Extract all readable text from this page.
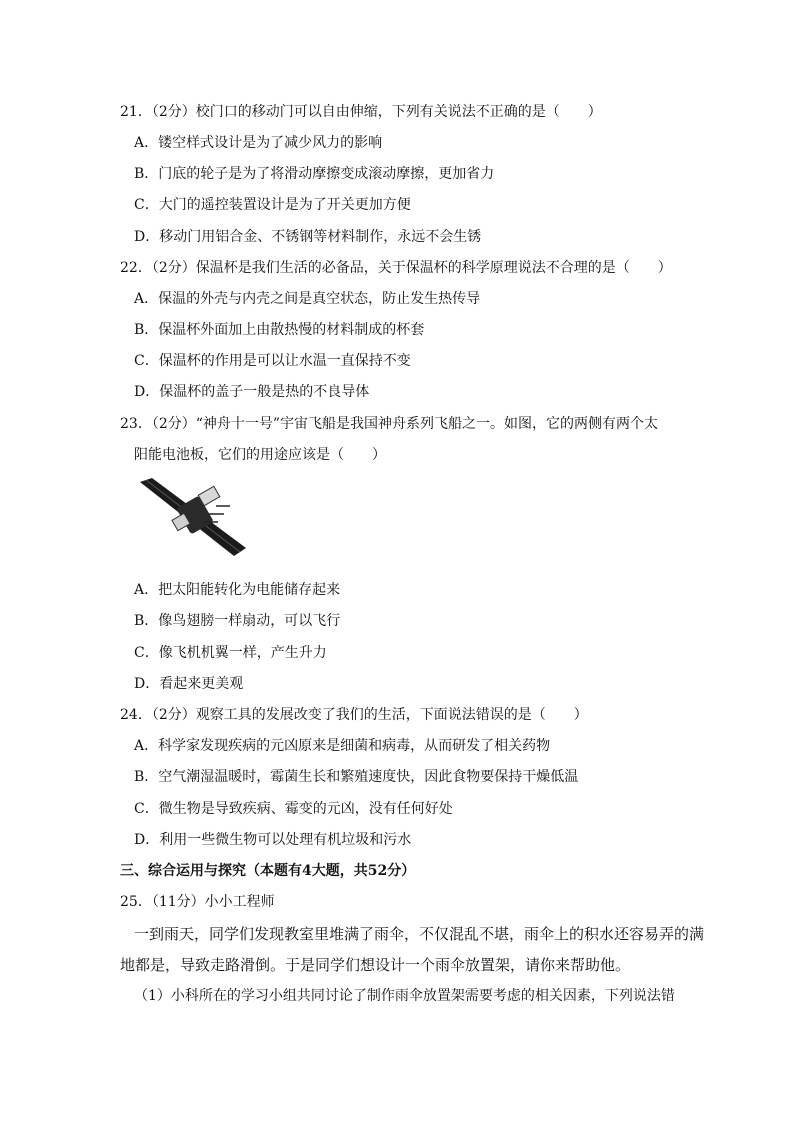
21．（2分）校门口的移动门可以自由伸缩，下列有关说法不正确的是（　　）
A．镂空样式设计是为了减少风力的影响
B．门底的轮子是为了将滑动摩擦变成滚动摩擦，更加省力
C．大门的遥控装置设计是为了开关更加方便
D．移动门用铝合金、不锈钢等材料制作，永远不会生锈
22．（2分）保温杯是我们生活的必备品，关于保温杯的科学原理说法不合理的是（　　）
A．保温的外壳与内壳之间是真空状态，防止发生热传导
B．保温杯外面加上由散热慢的材料制成的杯套
C．保温杯的作用是可以让水温一直保持不变
D．保温杯的盖子一般是热的不良导体
23．（2分）“神舟十一号”宇宙飞船是我国神舟系列飞船之一。如图，它的两侧有两个太
阳能电池板，它们的用途应该是（　　）
A．把太阳能转化为电能储存起来
B．像鸟翅膀一样扇动，可以飞行
C．像飞机机翼一样，产生升力
D．看起来更美观
24．（2分）观察工具的发展改变了我们的生活，下面说法错误的是（　　）
A．科学家发现疾病的元凶原来是细菌和病毒，从而研发了相关药物
B．空气潮湿温暖时，霉菌生长和繁殖速度快，因此食物要保持干燥低温
C．微生物是导致疾病、霉变的元凶，没有任何好处
D．利用一些微生物可以处理有机垃圾和污水
三、综合运用与探究（本题有4大题，共52分）
25．（11分）小小工程师
一到雨天，同学们发现教室里堆满了雨伞，不仅混乱不堪，雨伞上的积水还容易弄的满
地都是，导致走路滑倒。于是同学们想设计一个雨伞放置架，请你来帮助他。
（1）小科所在的学习小组共同讨论了制作雨伞放置架需要考虑的相关因素，下列说法错
